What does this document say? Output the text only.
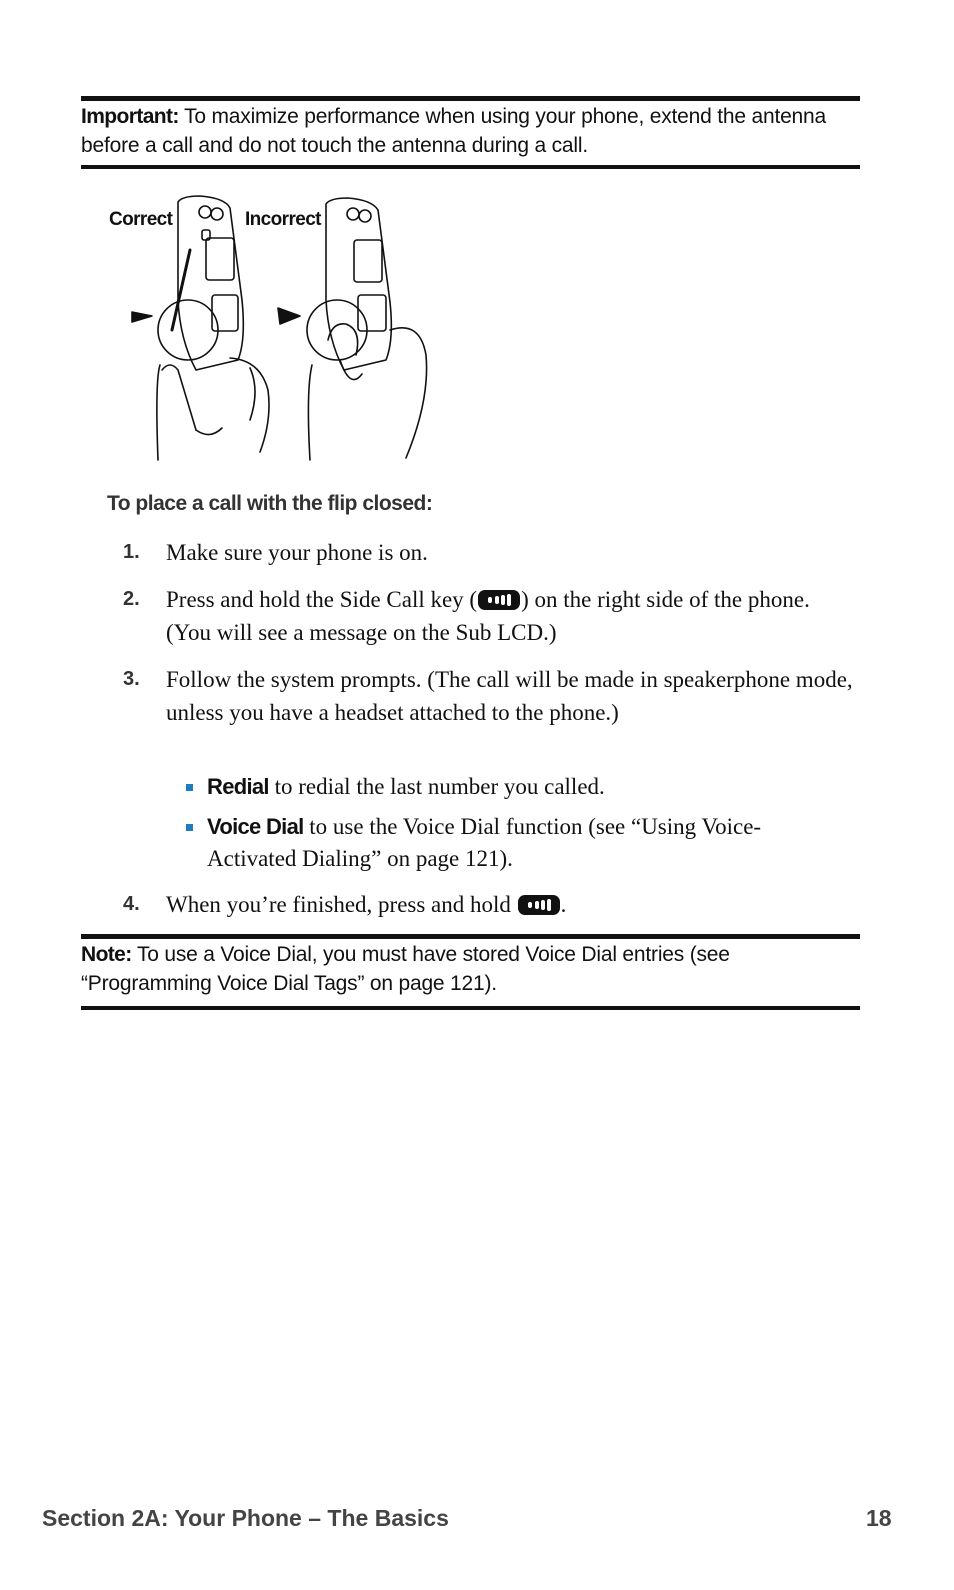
Important: To maximize performance when using your phone, extend the antenna before a call and do not touch the antenna during a call.
Correct	Incorrect
To place a call with the flip closed:
1.	Make sure your phone is on.
2.	Press and hold the Side Call key ( ) on the right side of the phone. (You will see a message on the Sub LCD.)
3.	Follow the system prompts. (The call will be made in speakerphone mode, unless you have a headset attached to the phone.)
Redial to redial the last number you called.
Voice Dial to use the Voice Dial function (see “Using Voice-Activated Dialing” on page 121).
4.	When you’re finished, press and hold
.
Note: To use a Voice Dial, you must have stored Voice Dial entries (see “Programming Voice Dial Tags” on page 121).
Section 2A: Your Phone – The Basics	18
